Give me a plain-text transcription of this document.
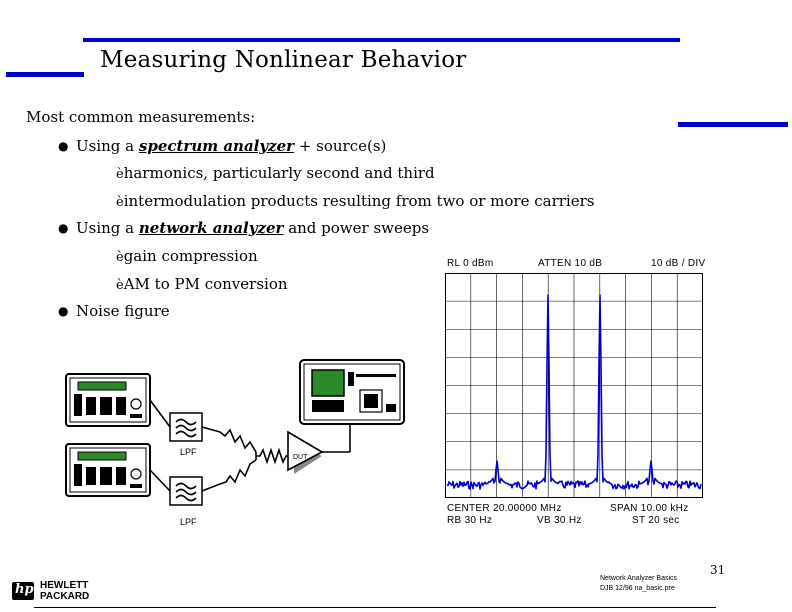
Measuring Nonlinear Behavior
Most common measurements:
● Using a spectrum analyzer + source(s)
èharmonics, particularly second and third
èintermodulation products resulting from two or more carriers
● Using a network analyzer and power sweeps
ègain compression
èAM to PM conversion
● Noise figure
RL 0 dBm	ATTEN 10 dB	10 dB / DIV
CENTER 20.00000 MHz	SPAN 10.00 kHz
RB 30 Hz	VB 30 Hz	ST 20 sec
LPF
LPF
DUT
31
Network Analyzer Basics
DJB 12/96 na_basic.pre
hp HEWLETT
PACKARD
